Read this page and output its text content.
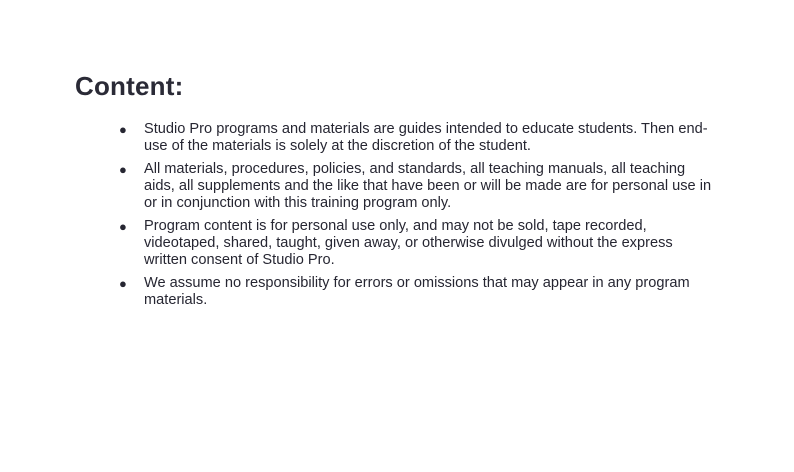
Content:
● Studio Pro programs and materials are guides intended to educate students. Then end-use of the materials is solely at the discretion of the student.
● All materials, procedures, policies, and standards, all teaching manuals, all teaching aids, all supplements and the like that have been or will be made are for personal use in or in conjunction with this training program only.
● Program content is for personal use only, and may not be sold, tape recorded, videotaped, shared, taught, given away, or otherwise divulged without the express written consent of Studio Pro.
● We assume no responsibility for errors or omissions that may appear in any program materials.
